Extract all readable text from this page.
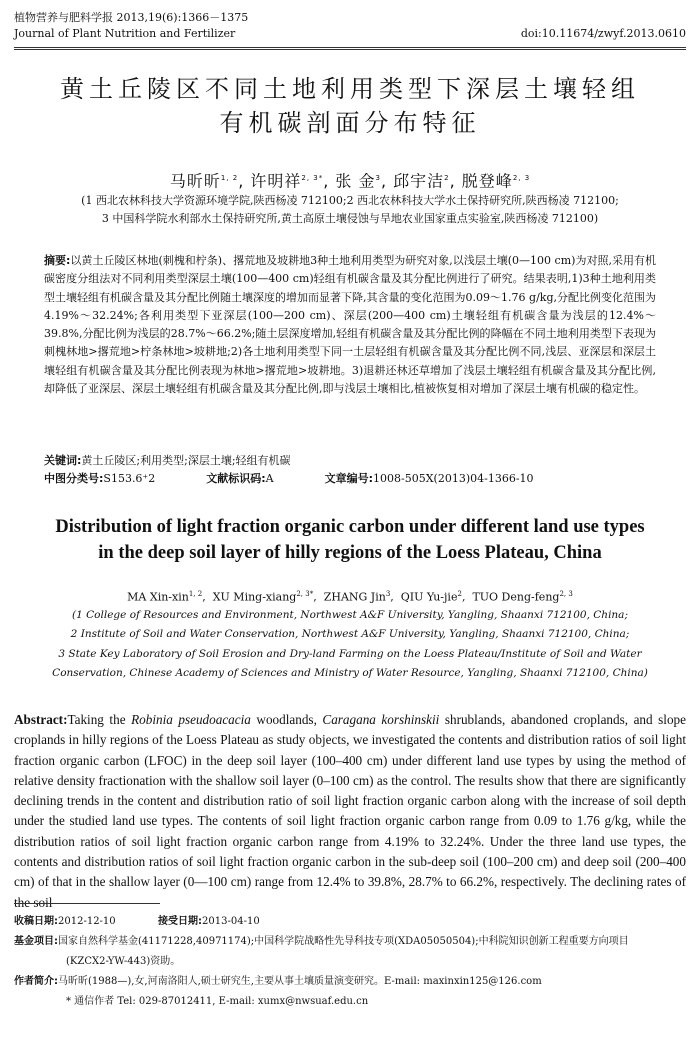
植物营养与肥料学报 2013,19(6):1366－1375
Journal of Plant Nutrition and Fertilizer	doi:10.11674/zwyf.2013.0610
黄土丘陵区不同土地利用类型下深层土壤轻组
有机碳剖面分布特征
马昕昕$^{1, 2}$, 许明祥$^{2, 3*}$, 张 金$^3$, 邱宇洁$^2$, 脱登峰$^{2, 3}$
(1 西北农林科技大学资源环境学院,陕西杨凌 712100;2 西北农林科技大学水土保持研究所,陕西杨凌 712100;
3 中国科学院水利部水土保持研究所,黄土高原土壤侵蚀与旱地农业国家重点实验室,陕西杨凌 712100)
摘要:以黄土丘陵区林地(刺槐和柠条)、撂荒地及坡耕地3种土地利用类型为研究对象,以浅层土壤(0—100 cm)为对照,采用有机碳密度分组法对不同利用类型深层土壤(100—400 cm)轻组有机碳含量及其分配比例进行了研究。结果表明,1)3种土地利用类型土壤轻组有机碳含量及其分配比例随土壤深度的增加而显著下降,其含量的变化范围为0.09～1.76 g/kg,分配比例变化范围为4.19%～32.24%;各利用类型下亚深层(100—200 cm)、深层(200—400 cm)土壤轻组有机碳含量为浅层的12.4%～39.8%,分配比例为浅层的28.7%～66.2%;随土层深度增加,轻组有机碳含量及其分配比例的降幅在不同土地利用类型下表现为刺槐林地>撂荒地>柠条林地>坡耕地;2)各土地利用类型下同一土层轻组有机碳含量及其分配比例不同,浅层、亚深层和深层土壤轻组有机碳含量及其分配比例表现为林地>撂荒地>坡耕地。3)退耕还林还草增加了浅层土壤轻组有机碳含量及其分配比例,却降低了亚深层、深层土壤轻组有机碳含量及其分配比例,即与浅层土壤相比,植被恢复相对增加了深层土壤有机碳的稳定性。
关键词:黄土丘陵区;利用类型;深层土壤;轻组有机碳
中图分类号:S153.6⁺2	文献标识码:A	文章编号:1008-505X(2013)04-1366-10
Distribution of light fraction organic carbon under different land use types
in the deep soil layer of hilly regions of the Loess Plateau, China
MA Xin-xin$^{1, 2}$,  XU Ming-xiang$^{2, 3*}$,  ZHANG Jin$^3$,  QIU Yu-jie$^2$,  TUO Deng-feng$^{2, 3}$
(1 College of Resources and Environment, Northwest A&F University, Yangling, Shaanxi 712100, China;
2 Institute of Soil and Water Conservation, Northwest A&F University, Yangling, Shaanxi 712100, China;
3 State Key Laboratory of Soil Erosion and Dry-land Farming on the Loess Plateau/Institute of Soil and Water
Conservation, Chinese Academy of Sciences and Ministry of Water Resource, Yangling, Shaanxi 712100, China)
Abstract:Taking the Robinia pseudoacacia woodlands, Caragana korshinskii shrublands, abandoned croplands, and slope croplands in hilly regions of the Loess Plateau as study objects, we investigated the contents and distribution ratios of soil light fraction organic carbon (LFOC) in the deep soil layer (100–400 cm) under different land use types by using the method of relative density fractionation with the shallow soil layer (0–100 cm) as the control. The results show that there are significantly declining trends in the content and distribution ratio of soil light fraction organic carbon along with the increase of soil depth under the studied land use types. The contents of soil light fraction organic carbon range from 0.09 to 1.76 g/kg, while the distribution ratios of soil light fraction organic carbon range from 4.19% to 32.24%. Under the three land use types, the contents and distribution ratios of soil light fraction organic carbon in the sub-deep soil (100–200 cm) and deep soil (200–400 cm) of that in the shallow layer (0—100 cm) range from 12.4% to 39.8%, 28.7% to 66.2%, respectively. The declining rates of the soil
收稿日期:2012-12-10	接受日期:2013-04-10
基金项目:国家自然科学基金(41171228,40971174);中国科学院战略性先导科技专项(XDA05050504);中科院知识创新工程重要方向项目
(KZCX2-YW-443)资助。
作者简介:马昕昕(1988—),女,河南洛阳人,硕士研究生,主要从事土壤质量演变研究。E-mail: maxinxin125@126.com
* 通信作者 Tel: 029-87012411, E-mail: xumx@nwsuaf.edu.cn
